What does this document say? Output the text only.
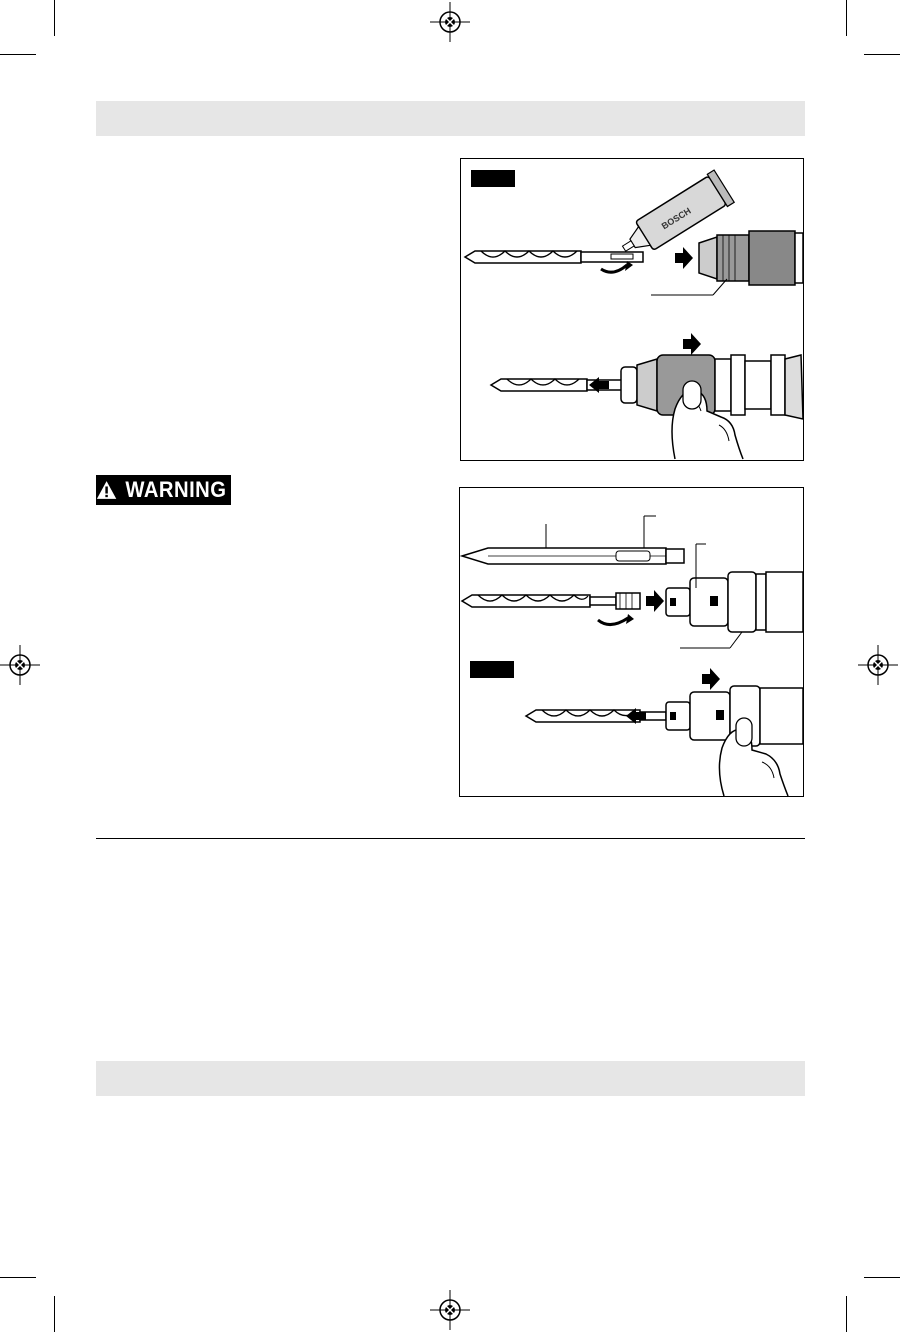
BOSCH
WARNING
